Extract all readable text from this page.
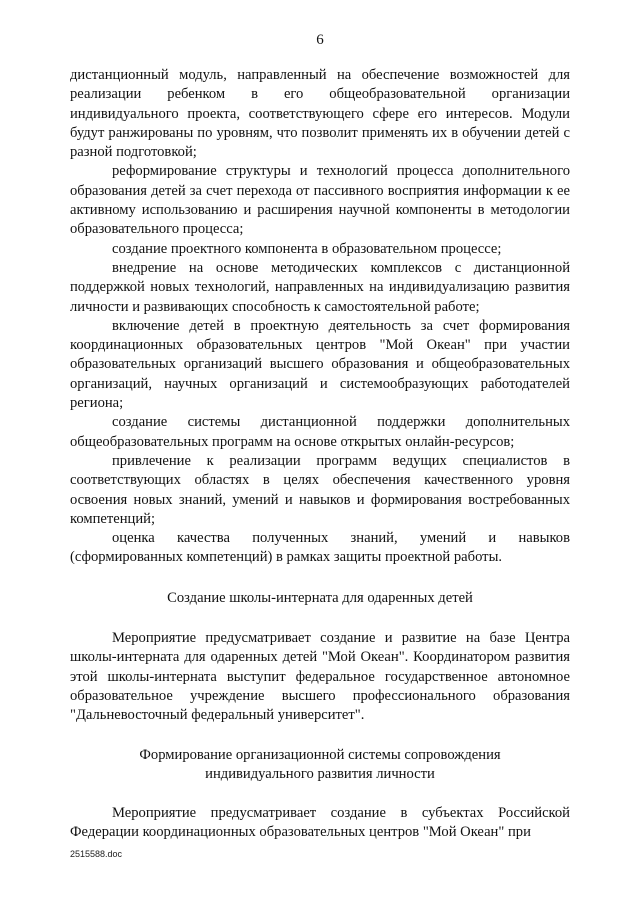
6

дистанционный модуль, направленный на обеспечение возможностей для реализации ребенком в его общеобразовательной организации индивидуального проекта, соответствующего сфере его интересов. Модули будут ранжированы по уровням, что позволит применять их в обучении детей с разной подготовкой;

реформирование структуры и технологий процесса дополнительного образования детей за счет перехода от пассивного восприятия информации к ее активному использованию и расширения научной компоненты в методологии образовательного процесса;

создание проектного компонента в образовательном процессе;

внедрение на основе методических комплексов с дистанционной поддержкой новых технологий, направленных на индивидуализацию развития личности и развивающих способность к самостоятельной работе;

включение детей в проектную деятельность за счет формирования координационных образовательных центров "Мой Океан" при участии образовательных организаций высшего образования и общеобразовательных организаций, научных организаций и системообразующих работодателей региона;

создание системы дистанционной поддержки дополнительных общеобразовательных программ на основе открытых онлайн-ресурсов;

привлечение к реализации программ ведущих специалистов в соответствующих областях в целях обеспечения качественного уровня освоения новых знаний, умений и навыков и формирования востребованных компетенций;

оценка качества полученных знаний, умений и навыков (сформированных компетенций) в рамках защиты проектной работы.

Создание школы-интерната для одаренных детей

Мероприятие предусматривает создание и развитие на базе Центра школы-интерната для одаренных детей "Мой Океан". Координатором развития этой школы-интерната выступит федеральное государственное автономное образовательное учреждение высшего профессионального образования "Дальневосточный федеральный университет".

Формирование организационной системы сопровождения
индивидуального развития личности

Мероприятие предусматривает создание в субъектах Российской Федерации координационных образовательных центров "Мой Океан" при

2515588.doc
